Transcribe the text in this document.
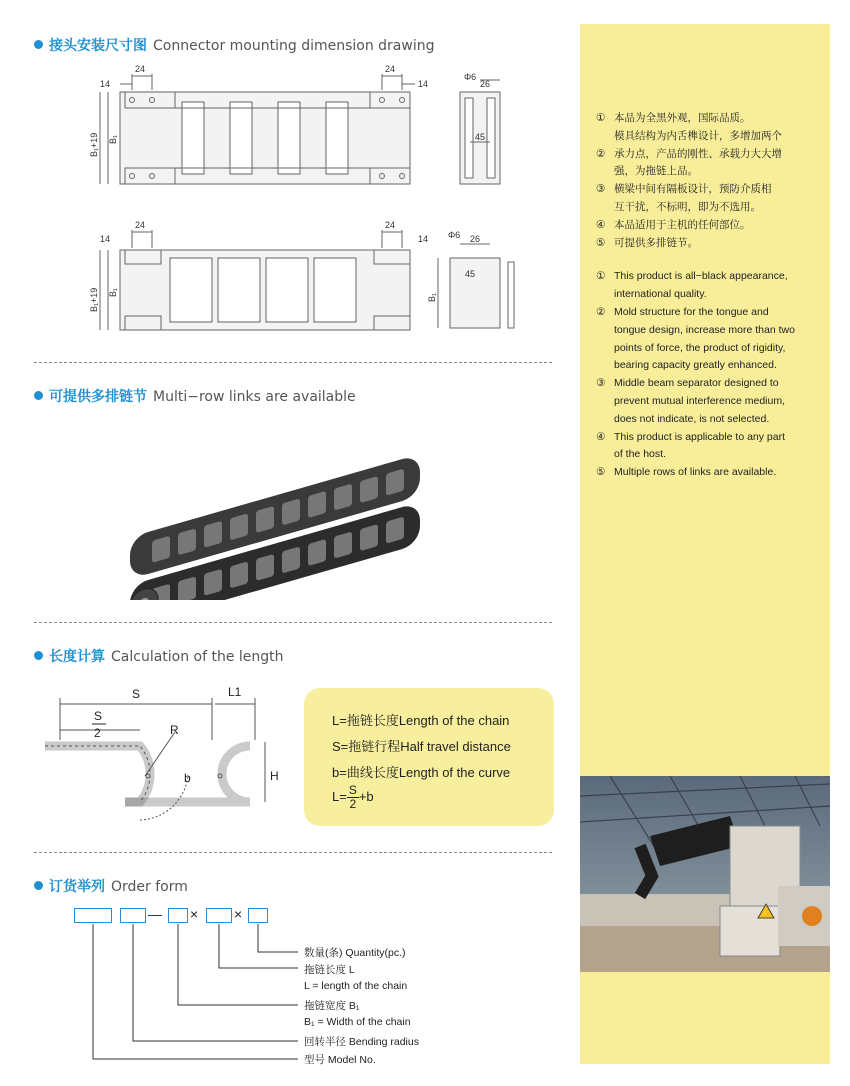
接头安装尺寸图 Connector mounting dimension drawing
24	24
14	14	26
45
Φ6
B₁+19 B₁
24	24
14	14	26
45
Φ6
B₁+19 B₁
B₁
可提供多排链节 Multi−row links are available
长度计算 Calculation of the length
S	L1
S
2	R
b	H
L=拖链长度Length of the chain
S=拖链行程Half travel distance
b=曲线长度Length of the curve
$L= \frac{S}{2} +b$
订货举列 Order form
— ×	×
数量(条) Quantity(pc.)
拖链长度 L
L = length of the chain
拖链宽度 B₁
B₁ = Width of the chain
回转半径 Bending radius
型号 Model No.
① 本品为全黑外观，国际品质。
模具结构为内舌榫设计，多增加两个
② 承力点，产品的刚性、承载力大大增
强，为拖链上品。
③ 横梁中间有隔板设计，预防介质相
互干扰，不标明，即为不选用。
④ 本品适用于主机的任何部位。
⑤ 可提供多排链节。
① This product is all−black appearance,
international quality.
② Mold structure for the tongue and
tongue design, increase more than two
points of force, the product of rigidity,
bearing capacity greatly enhanced.
③ Middle beam separator designed to
prevent mutual interference medium,
does not indicate, is not selected.
④ This product is applicable to any part
of the host.
⑤ Multiple rows of links are available.
⚡
